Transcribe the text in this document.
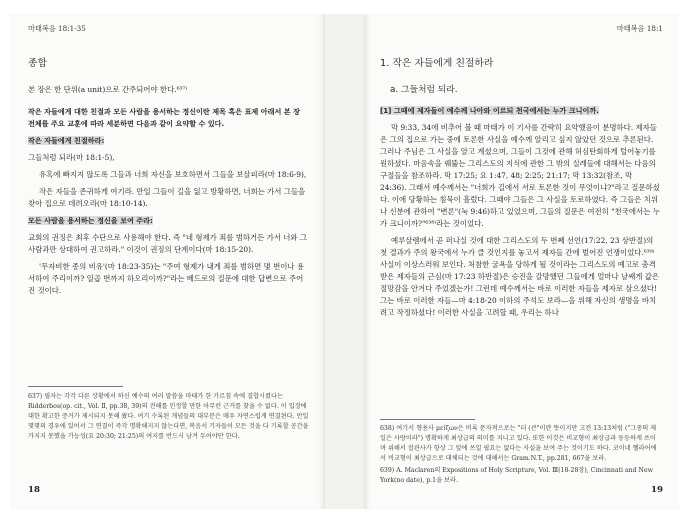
마태복음 18:1-35
종합

본 장은 한 단위(a unit)으로 간주되어야 한다.⁶³⁷⁾

작은 자들에게 대한 친절과 모든 사람을 용서하는 정신이란 제목 혹은 표제 아래서 본 장 전체를 주요 교훈에 따라 세분하면 다음과 같이 요약할 수 있다.

작은 자들에게 친절하라:

그들처럼 되라(마 18:1-5),

유혹에 빠지지 않도록 그들과 너희 자신을 보호하면서 그들을 보살피라(마 18:6-9),

작은 자들을 존귀하게 여기라. 만일 그들이 길을 잃고 방황하면, 너희는 가서 그들을 찾아 집으로 데려오라(마 18:10-14).

모든 사람을 용서하는 정신을 보여 주라:

교회의 권징은 최후 수단으로 사용해야 한다. 즉 "네 형제가 죄를 범하거든 가서 너와 그 사람과만 상대하여 권고하라." 이것이 권징의 단계이다(마 18:15-20).

'무자비한 종의 비유'(마 18:23-35)는 "주여 형제가 내게 죄를 범하면 몇 번이나 용서하여 주리이까? 일곱 번까지 하오리이까?"라는 베드로의 질문에 대한 답변으로 주어진 것이다.

637) 필자는 각각 다른 상황에서 하신 예수의 여러 말씀을 마태가 한 가르침 속에 결합시켰다는 Ridderbos(op. cit., Vol. Ⅱ, pp.38, 39)의 견해를 인정할 만한 아무런 근거를 찾을 수 없다. 이 입장에 대한 확고한 증거가 제시되지 못해 왔다. 여기 수록된 개념들의 대부분은 매우 자연스럽게 연결된다. 만일 몇몇의 경우에 있어서 그 연결이 즉각 명확해지지 않는다면, 복음서 기자들이 모든 것을 다 기록할 공간을 가지지 못했을 가능성(요 20:30; 21:25)의 여지를 반드시 남겨 두어야만 한다.

18
마태복음 18:1
1. 작은 자들에게 친절하라
a. 그들처럼 되라.

[1] 그때에 제자들이 예수께 나아와 이르되 천국에서는 누가 크니이까.

막 9:33, 34에 비추어 볼 때 마태가 이 기사를 간략히 요약했음이 분명하다. 제자들은 그의 집으로 가는 중에 토론한 사실을 예수께 알리고 싶지 않았던 것으로 추론된다. 그러나 주님은 그 사실을 알고 계셨으며, 그들이 그것에 관해 허심탄회하게 털어놓기를 원하셨다. 마음속을 꿰뚫는 그리스도의 지식에 관한 그 밖의 실례들에 대해서는 다음의 구절들을 참조하라. 막 17:25; 요 1:47, 48; 2:25; 21:17; 막 13:32(참조, 막 24:36). 그래서 예수께서는 "너희가 길에서 서로 토론한 것이 무엇이냐?"라고 질문하셨다. 이에 당황하는 침묵이 흘렀다. 그때야 그들은 그 사실을 토로하였다. 즉 그들은 치위나 신분에 관하여 "변론"(눅 9:46)하고 있었으며, 그들의 질문은 여전히 "천국에서는 누가 크니이까?"⁶³⁸⁾라는 것이었다.

예루살렘에서 곧 퍼나실 것에 대한 그리스도의 두 번째 선언(17:22, 23 상반절)의 첫 결과가 주의 왕국에서 누가 클 것인지를 놓고서 제자들 간에 벌어진 언쟁이었다.⁶³⁹⁾ 사실이 이상스러워 보인다. 처참한 굴욕을 당하게 될 것이라는 그리스도의 예고로 충격받은 제자들의 근심(마 17:23 하반절)은 승진을 갈망했던 그들에게 얼마나 날쌔게 값은 절망감을 안겨다 주었겠는가! 그런데 예수께서는 바로 이러한 자들을 제자로 삼으셨다! 그는 바로 이러한 자들—마 4:18-20 이하의 주석도 보라—을 위해 자신의 생명을 바치려고 작정하셨다! 이러한 사실을 고려할 때, 우리는 하나

638) 여기서 형용사 μείζων은 비록 문자적으로는 "더 (큰"이란 뜻이지만 고전 13:13처럼 ("그중의 제일은 사랑이라") 명확하게 최상급의 의미를 지니고 있다. 또한 이것은 비교형이 최상급과 동등하게 쓰이며 위해서 잡관사가 항상 그 앞에 쓰일 필요는 없다는 사실을 보여 주는 것이기도 하다. 코이네 헬라어에서 비교형이 최상급으로 대체되는 것에 대해서는 Gram.N.T., pp.281, 667을 보라.

639) A. Maclaren의 Expositions of Holy Scripture, Vol. Ⅲ(18-28장), Cincinnati and New York(no date), p.1을 보라.

19
